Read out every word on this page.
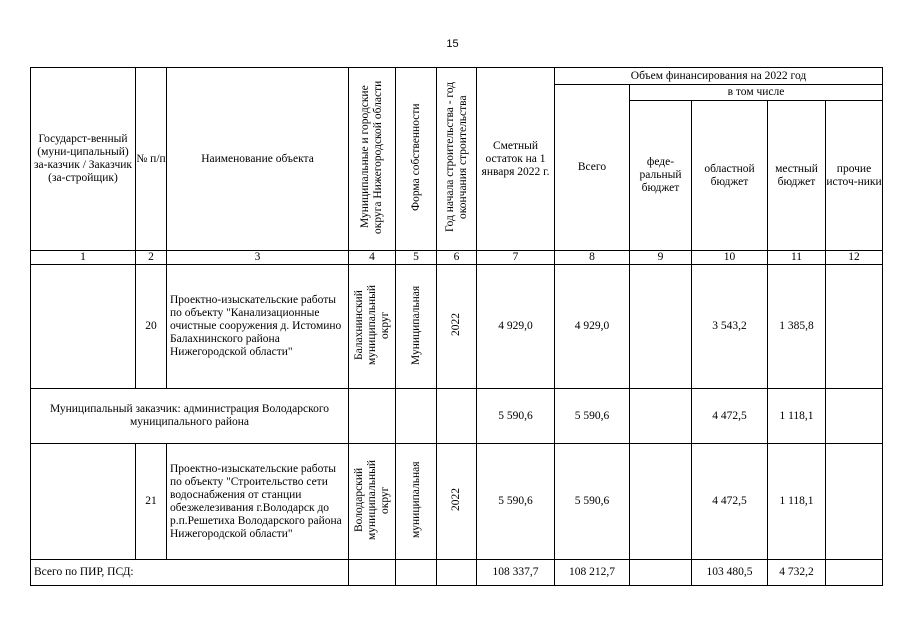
15
Государст-венный (муни-ципальный) за-казчик / Заказчик (за-стройщик)	№ п/п	Наименование объекта	Муниципальные и городские округа Нижегородской области	Форма собственности	Год начала строительства - год окончания строительства	Сметный остаток на 1 января 2022 г.	Объем финансирования на 2022 год				
							Всего	в том числе			
								феде-ральный бюджет	областной бюджет	местный бюджет	прочие источ-ники
1	2	3	4	5	6	7	8	9	10	11	12
	20	Проектно-изыскательские работы по объекту "Канализационные очистные сооружения д. Истомино Балахнинского района Нижегородской области"	Балахнинский муниципальный округ	Муниципальная	2022	4 929,0	4 929,0		3 543,2	1 385,8	
Муниципальный заказчик: администрация Володарского муниципального района						5 590,6	5 590,6		4 472,5	1 118,1	
	21	Проектно-изыскательские работы по объекту "Строительство сети водоснабжения от станции обезжелезивания г.Володарск до р.п.Решетиха Володарского района Нижегородской области"	Володарский муниципальный округ	муниципальная	2022	5 590,6	5 590,6		4 472,5	1 118,1	
Всего по ПИР, ПСД:						108 337,7	108 212,7		103 480,5	4 732,2	
